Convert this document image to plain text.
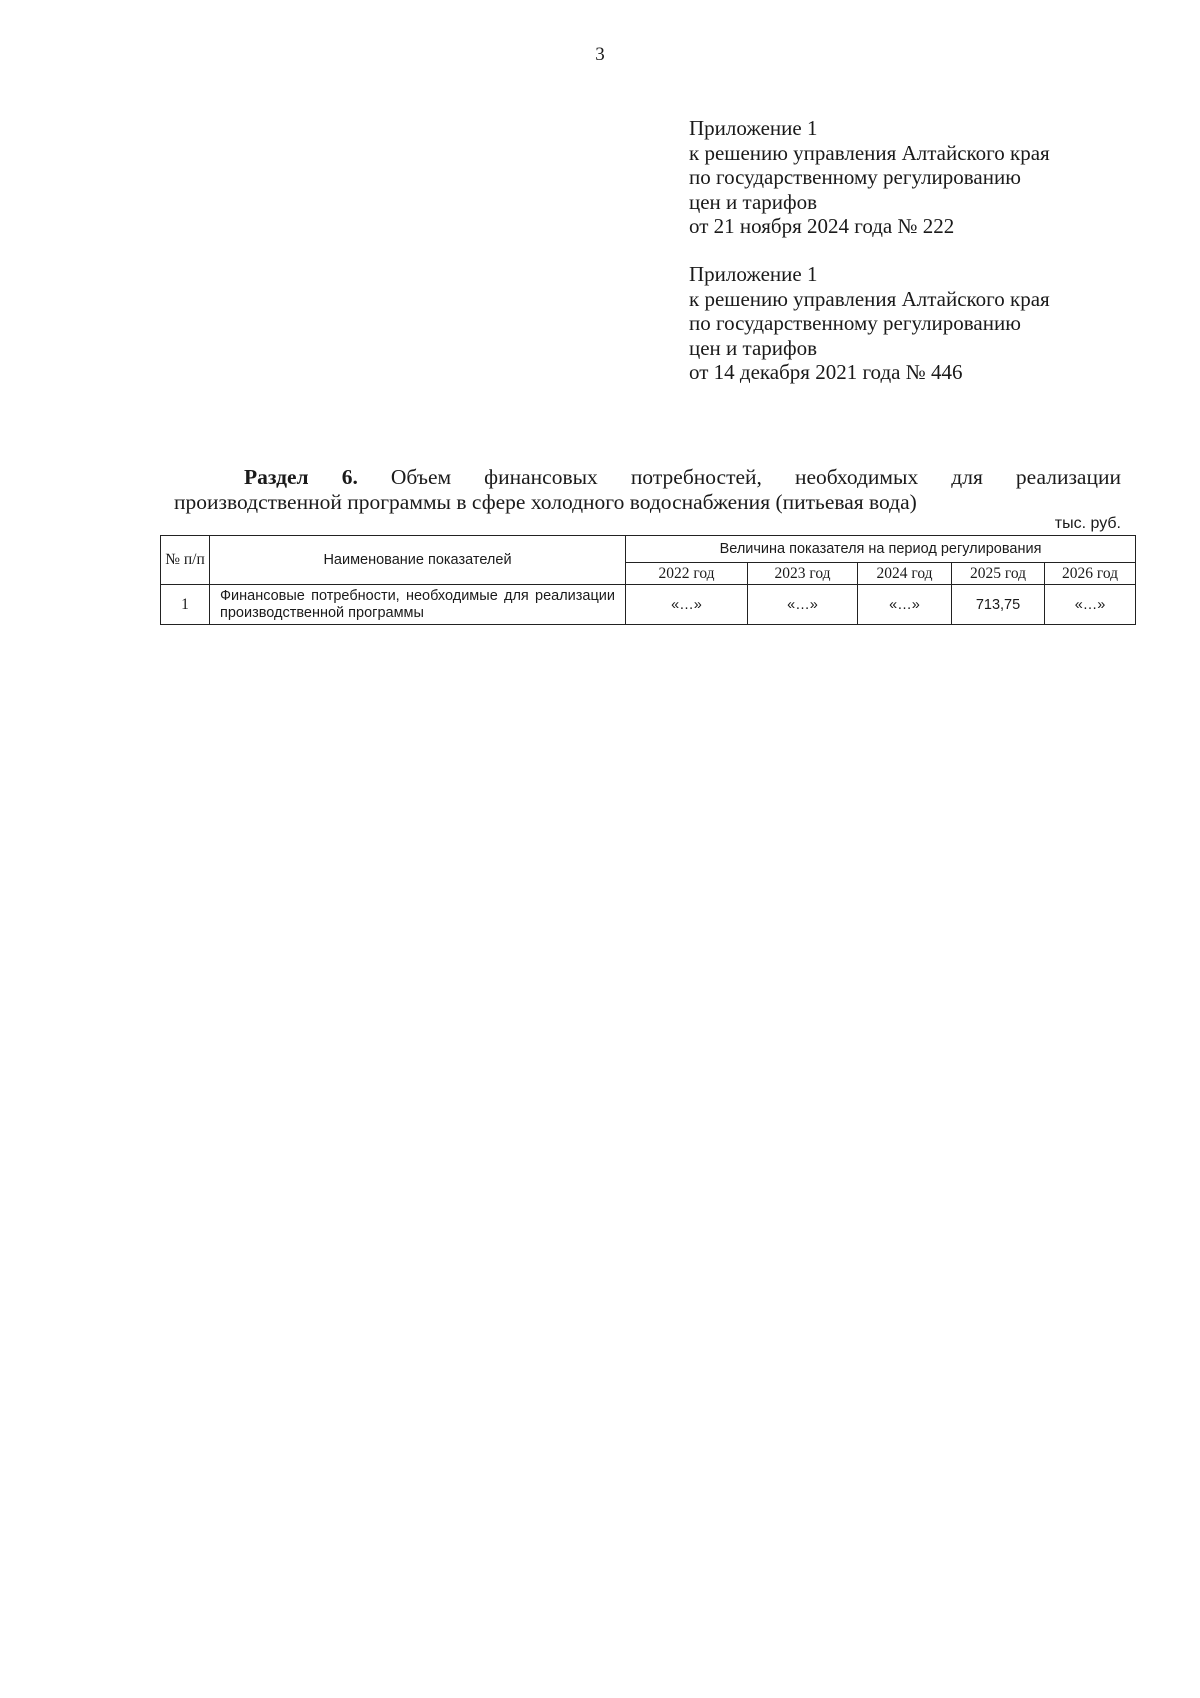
3
Приложение 1
к решению управления Алтайского края
по государственному регулированию
цен и тарифов
от 21 ноября 2024 года № 222
Приложение 1
к решению управления Алтайского края
по государственному регулированию
цен и тарифов
от 14 декабря 2021 года № 446
Раздел 6. Объем финансовых потребностей, необходимых для реализации
производственной программы в сфере холодного водоснабжения (питьевая вода)
тыс. руб.
№ п/п	Наименование показателей	Величина показателя на период регулирования				
		2022 год	2023 год	2024 год	2025 год	2026 год
1	Финансовые потребности, необходимые для реализации производственной программы	«…»	«…»	«…»	713,75	«…»
